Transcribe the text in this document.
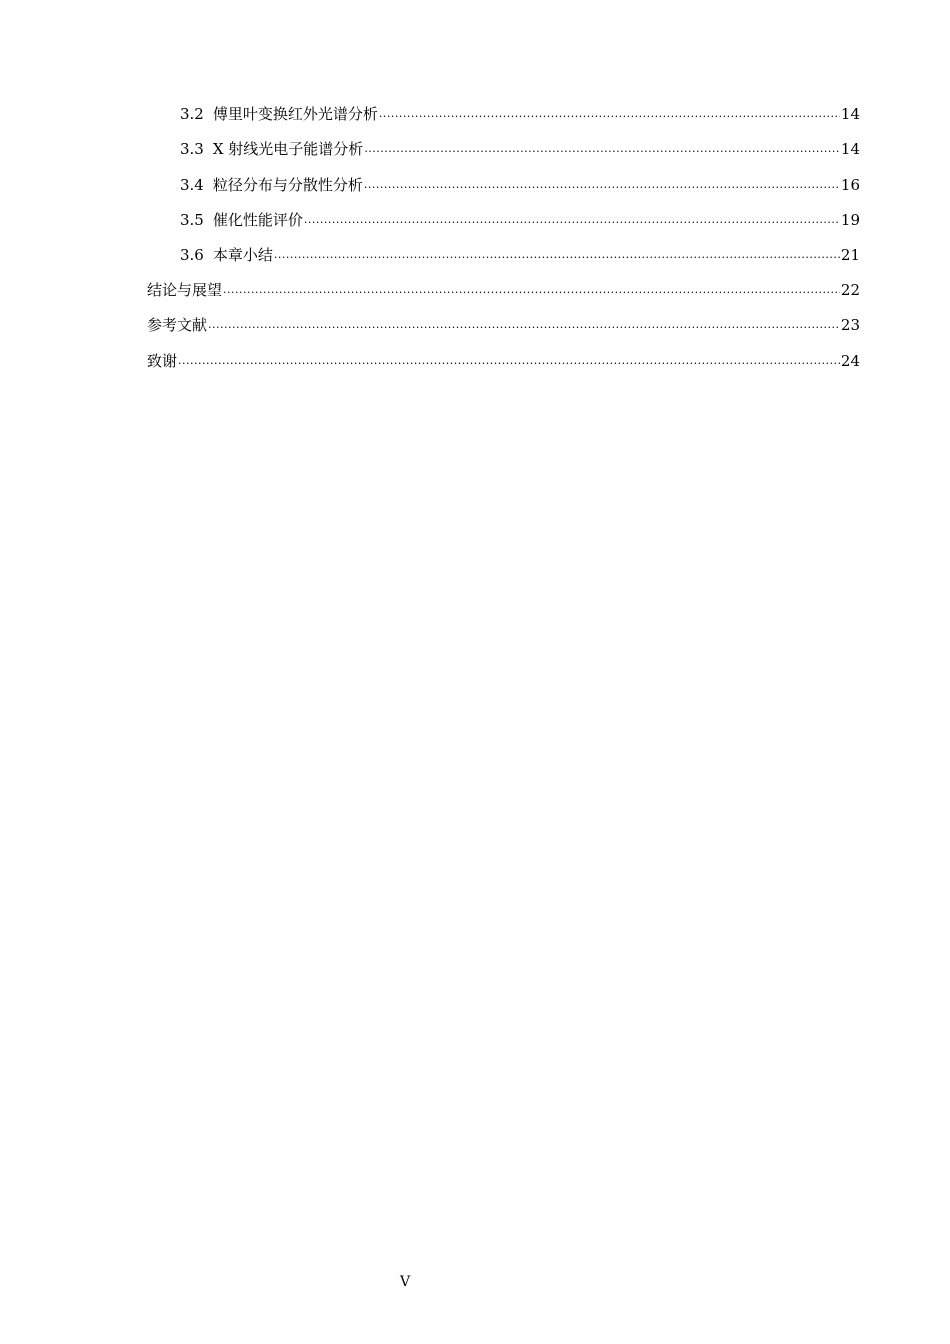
3.2 傅里叶变换红外光谱分析 .....	14
3.3 X 射线光电子能谱分析 .....	14
3.4 粒径分布与分散性分析 .....	16
3.5 催化性能评价 .....	19
3.6 本章小结 .....	21
结论与展望 .....	22
参考文献 .....	23
致谢 .....	24
V
